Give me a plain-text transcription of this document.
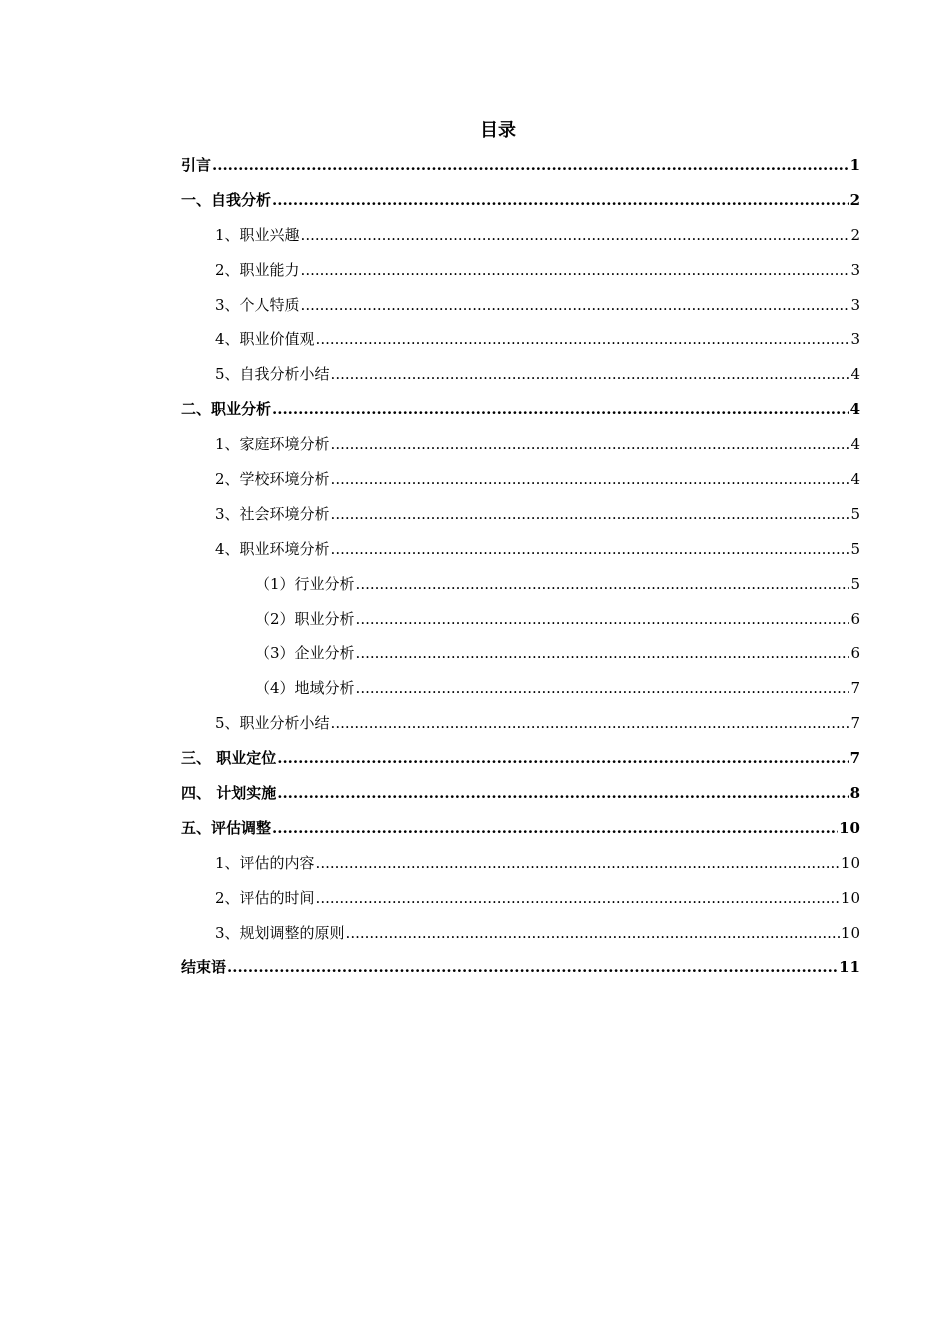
目录
引言 .....	1
一、自我分析 .....	2
1、职业兴趣 .....	2
2、职业能力 .....	3
3、个人特质 .....	3
4、职业价值观 .....	3
5、自我分析小结 .....	4
二、职业分析 .....	4
1、家庭环境分析 .....	4
2、学校环境分析 .....	4
3、社会环境分析 .....	5
4、职业环境分析 .....	5
（1）行业分析 .....	5
（2）职业分析 .....	6
（3）企业分析 .....	6
（4）地域分析 .....	7
5、职业分析小结 .....	7
三、 职业定位 .....	7
四、 计划实施 .....	8
五、评估调整 .....	10
1、评估的内容 .....	10
2、评估的时间 .....	10
3、规划调整的原则 .....	10
结束语 .....	11
